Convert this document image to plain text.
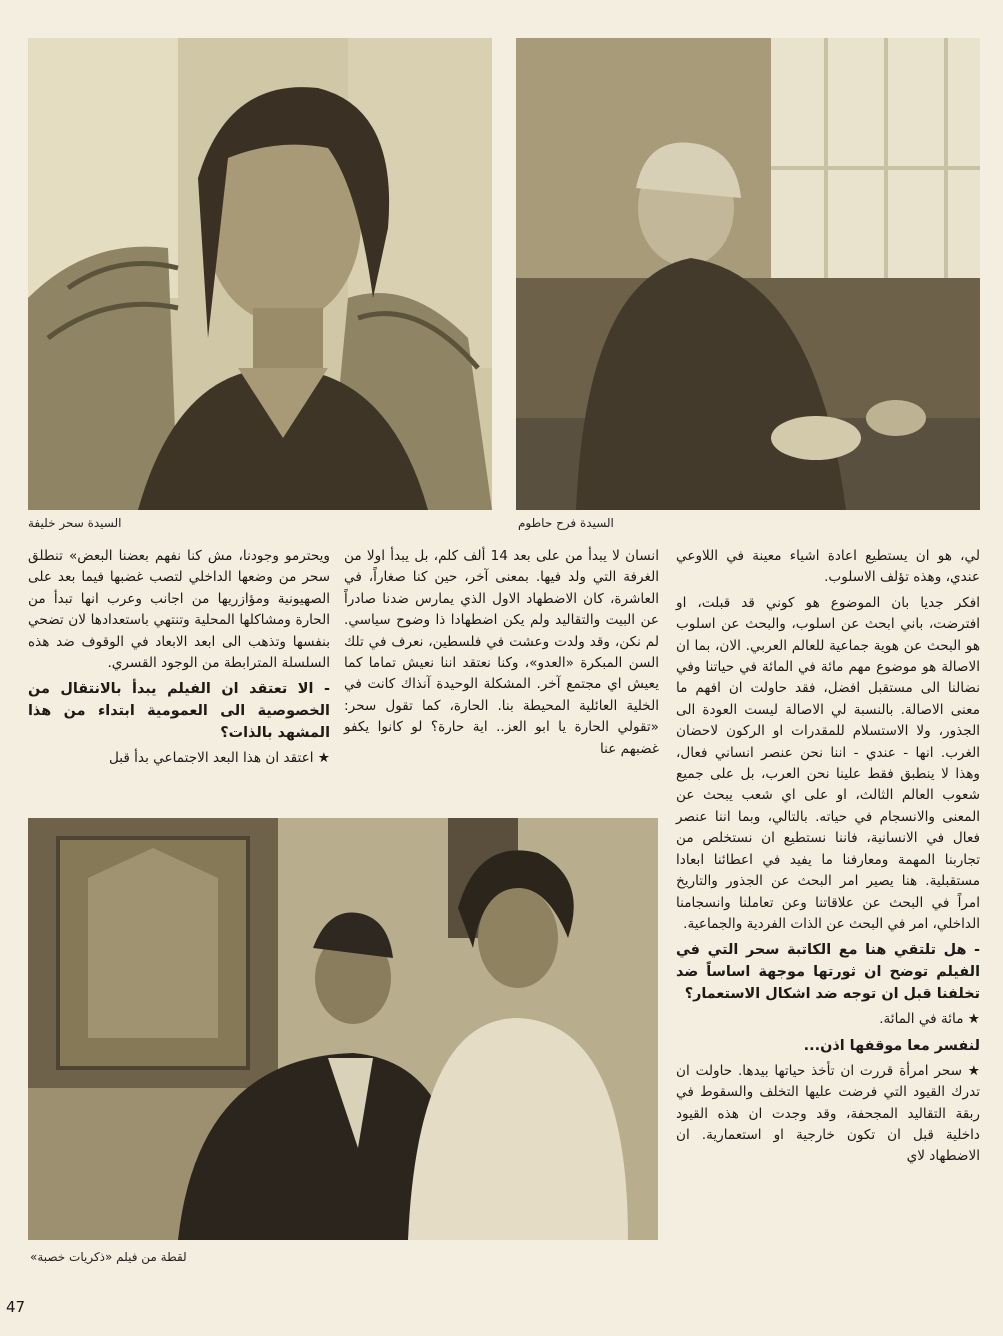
السيدة سحر خليفة	السيدة فرح حاطوم

لي، هو ان يستطيع اعادة اشياء معينة في اللاوعي عندي، وهذه تؤلف الاسلوب.

افكر جديا بان الموضوع هو كوني قد قبلت، او افترضت، باني ابحث عن اسلوب، والبحث عن اسلوب هو البحث عن هوية جماعية للعالم العربي. الان، بما ان الاصالة هو موضوع مهم مائة في المائة في حياتنا وفي نضالنا الى مستقبل افضل، فقد حاولت ان افهم ما معنى الاصالة. بالنسبة لي الاصالة ليست العودة الى الجذور، ولا الاستسلام للمقدرات او الركون لاحضان الغرب. انها - عندي - اننا نحن عنصر انساني فعال، وهذا لا ينطبق فقط علينا نحن العرب، بل على جميع شعوب العالم الثالث، او على اي شعب يبحث عن المعنى والانسجام في حياته. بالتالي، وبما اننا عنصر فعال في الانسانية، فاننا نستطيع ان نستخلص من تجاربنا المهمة ومعارفنا ما يفيد في اعطائنا ابعادا مستقبلية. هنا يصير امر البحث عن الجذور والتاريخ امراً في البحث عن علاقاتنا وعن تعاملنا وانسجامنا الداخلي، امر في البحث عن الذات الفردية والجماعية.

- هل تلتقي هنا مع الكاتبة سحر التي في الفيلم توضح ان ثورتها موجهة اساساً ضد تخلفنا قبل ان توجه ضد اشكال الاستعمار؟

★ مائة في المائة.

لنفسر معا موقفها اذن...

★ سحر امرأة قررت ان تأخذ حياتها بيدها. حاولت ان تدرك القيود التي فرضت عليها التخلف والسقوط في ربقة التقاليد المجحفة، وقد وجدت ان هذه القيود داخلية قبل ان تكون خارجية او استعمارية. ان الاضطهاد لاي

انسان لا يبدأ من على بعد 14 ألف كلم، بل يبدأ اولا من الغرفة التي ولد فيها. بمعنى آخر، حين كنا صغاراً، في العاشرة، كان الاضطهاد الاول الذي يمارس ضدنا صادراً عن البيت والتقاليد ولم يكن اضطهادا ذا وضوح سياسي. لم نكن، وقد ولدت وعشت في فلسطين، نعرف في تلك السن المبكرة «العدو»، وكنا نعتقد اننا نعيش تماما كما يعيش اي مجتمع آخر. المشكلة الوحيدة آنذاك كانت في الخلية العائلية المحيطة بنا. الحارة، كما تقول سحر: «تقولي الحارة يا ابو العز.. اية حارة؟ لو كانوا يكفو غضبهم عنا

ويحترمو وجودنا، مش كنا نفهم بعضنا البعض» تنطلق سحر من وضعها الداخلي لتصب غضبها فيما بعد على الصهيونية ومؤازريها من اجانب وعرب انها تبدأ من الحارة ومشاكلها المحلية وتنتهي باستعدادها لان تضحي بنفسها وتذهب الى ابعد الابعاد في الوقوف ضد هذه السلسلة المترابطة من الوجود القسري.

- الا تعتقد ان الفيلم يبدأ بالانتقال من الخصوصية الى العمومية ابتداء من هذا المشهد بالذات؟

★ اعتقد ان هذا البعد الاجتماعي بدأ قبل

لقطة من فيلم «ذكريات خصبة»
47
